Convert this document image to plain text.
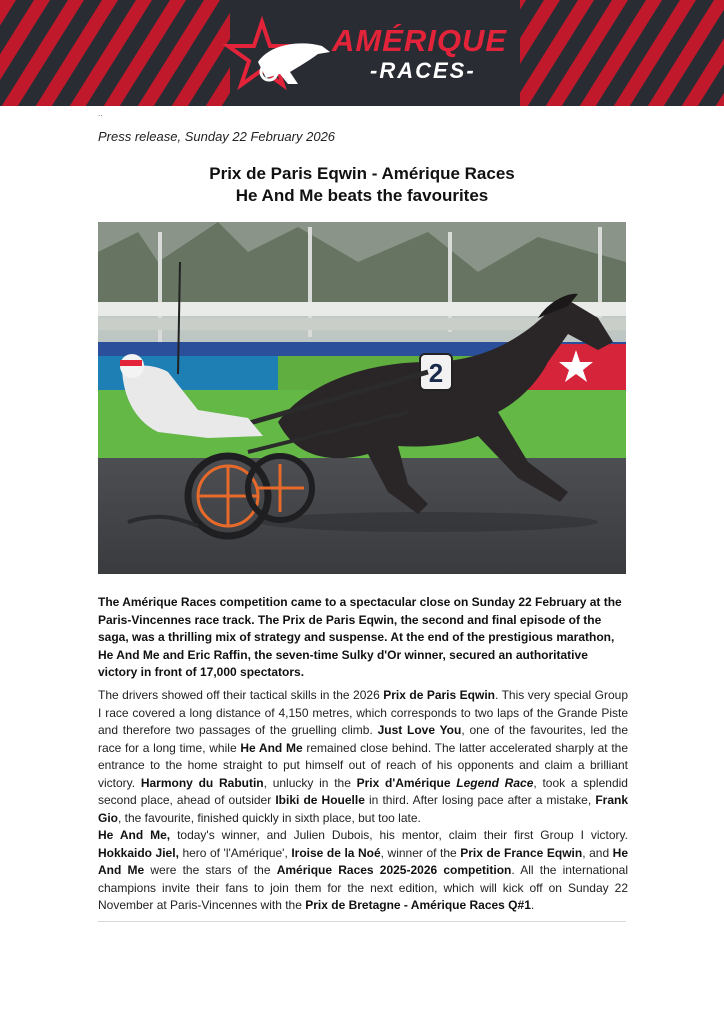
AMÉRIQUE
-RACES-
..
Press release, Sunday 22 February 2026
Prix de Paris Eqwin - Amérique Races
He And Me beats the favourites
2
The Amérique Races competition came to a spectacular close on Sunday 22 February at the Paris-Vincennes race track. The Prix de Paris Eqwin, the second and final episode of the saga, was a thrilling mix of strategy and suspense. At the end of the prestigious marathon, He And Me and Eric Raffin, the seven-time Sulky d'Or winner, secured an authoritative victory in front of 17,000 spectators.
The drivers showed off their tactical skills in the 2026 Prix de Paris Eqwin. This very special Group I race covered a long distance of 4,150 metres, which corresponds to two laps of the Grande Piste and therefore two passages of the gruelling climb. Just Love You, one of the favourites, led the race for a long time, while He And Me remained close behind. The latter accelerated sharply at the entrance to the home straight to put himself out of reach of his opponents and claim a brilliant victory. Harmony du Rabutin, unlucky in the Prix d'Amérique Legend Race, took a splendid second place, ahead of outsider Ibiki de Houelle in third. After losing pace after a mistake, Frank Gio, the favourite, finished quickly in sixth place, but too late.
He And Me, today's winner, and Julien Dubois, his mentor, claim their first Group I victory. Hokkaido Jiel, hero of 'l'Amérique', Iroise de la Noé, winner of the Prix de France Eqwin, and He And Me were the stars of the Amérique Races 2025-2026 competition. All the international champions invite their fans to join them for the next edition, which will kick off on Sunday 22 November at Paris-Vincennes with the Prix de Bretagne - Amérique Races Q#1.
